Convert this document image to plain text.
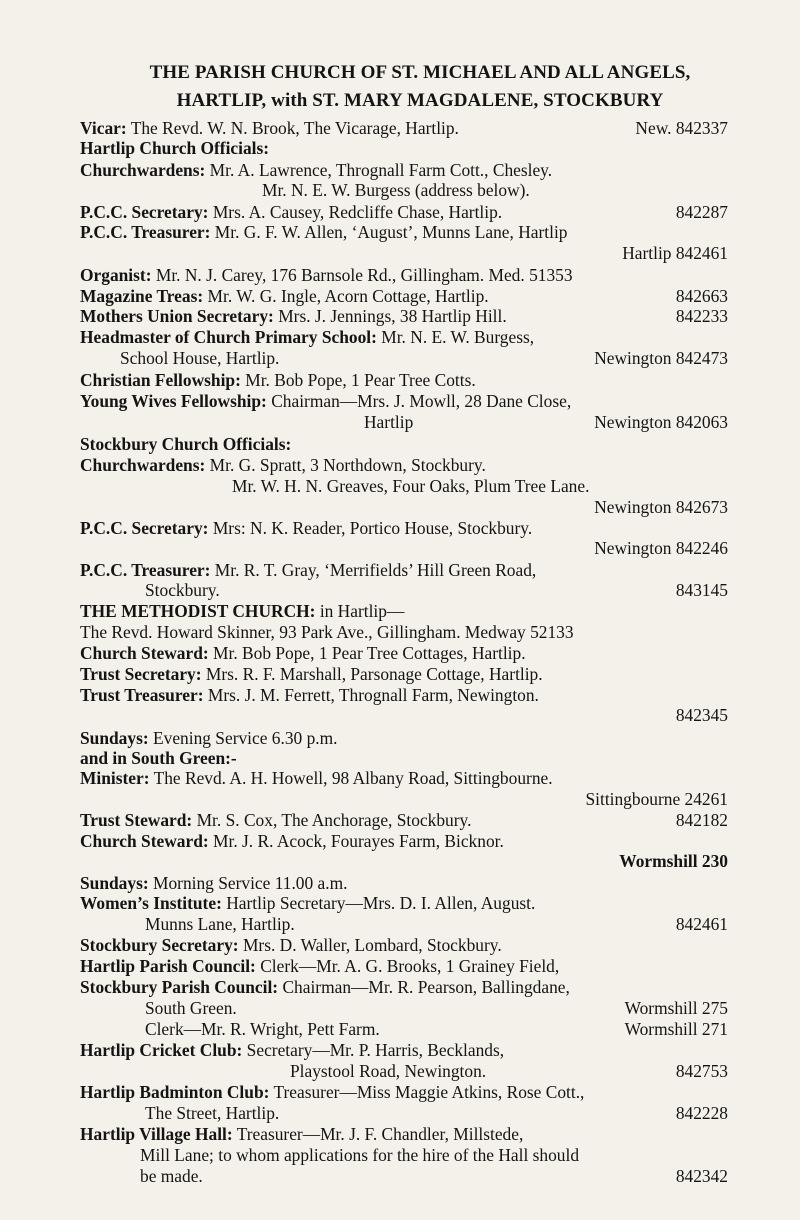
THE PARISH CHURCH OF ST. MICHAEL AND ALL ANGELS,
HARTLIP, with ST. MARY MAGDALENE, STOCKBURY
Vicar: The Revd. W. N. Brook, The Vicarage, Hartlip.	New. 842337
Hartlip Church Officials:
Churchwardens: Mr. A. Lawrence, Thrognall Farm Cott., Chesley.
Mr. N. E. W. Burgess (address below).
P.C.C. Secretary: Mrs. A. Causey, Redcliffe Chase, Hartlip.	842287
P.C.C. Treasurer: Mr. G. F. W. Allen, ‘August’, Munns Lane, Hartlip
Hartlip 842461
Organist: Mr. N. J. Carey, 176 Barnsole Rd., Gillingham. Med. 51353
Magazine Treas: Mr. W. G. Ingle, Acorn Cottage, Hartlip.	842663
Mothers Union Secretary: Mrs. J. Jennings, 38 Hartlip Hill.	842233
Headmaster of Church Primary School: Mr. N. E. W. Burgess,
School House, Hartlip.	Newington 842473
Christian Fellowship: Mr. Bob Pope, 1 Pear Tree Cotts.
Young Wives Fellowship: Chairman—Mrs. J. Mowll, 28 Dane Close,
Hartlip	Newington 842063
Stockbury Church Officials:
Churchwardens: Mr. G. Spratt, 3 Northdown, Stockbury.
Mr. W. H. N. Greaves, Four Oaks, Plum Tree Lane.
Newington 842673
P.C.C. Secretary: Mrs: N. K. Reader, Portico House, Stockbury.
Newington 842246
P.C.C. Treasurer: Mr. R. T. Gray, ‘Merrifields’ Hill Green Road,
Stockbury.	843145
THE METHODIST CHURCH: in Hartlip—
The Revd. Howard Skinner, 93 Park Ave., Gillingham. Medway 52133
Church Steward: Mr. Bob Pope, 1 Pear Tree Cottages, Hartlip.
Trust Secretary: Mrs. R. F. Marshall, Parsonage Cottage, Hartlip.
Trust Treasurer: Mrs. J. M. Ferrett, Thrognall Farm, Newington.
842345
Sundays: Evening Service 6.30 p.m.
and in South Green:-
Minister: The Revd. A. H. Howell, 98 Albany Road, Sittingbourne.
Sittingbourne 24261
Trust Steward: Mr. S. Cox, The Anchorage, Stockbury.	842182
Church Steward: Mr. J. R. Acock, Fourayes Farm, Bicknor.
Wormshill 230
Sundays: Morning Service 11.00 a.m.
Women’s Institute: Hartlip Secretary—Mrs. D. I. Allen, August.
Munns Lane, Hartlip.	842461
Stockbury Secretary: Mrs. D. Waller, Lombard, Stockbury.
Hartlip Parish Council: Clerk—Mr. A. G. Brooks, 1 Grainey Field,
Stockbury Parish Council: Chairman—Mr. R. Pearson, Ballingdane,
South Green.	Wormshill 275
Clerk—Mr. R. Wright, Pett Farm.	Wormshill 271
Hartlip Cricket Club: Secretary—Mr. P. Harris, Becklands,
Playstool Road, Newington.	842753
Hartlip Badminton Club: Treasurer—Miss Maggie Atkins, Rose Cott.,
The Street, Hartlip.	842228
Hartlip Village Hall: Treasurer—Mr. J. F. Chandler, Millstede,
Mill Lane; to whom applications for the hire of the Hall should
be made.	842342
